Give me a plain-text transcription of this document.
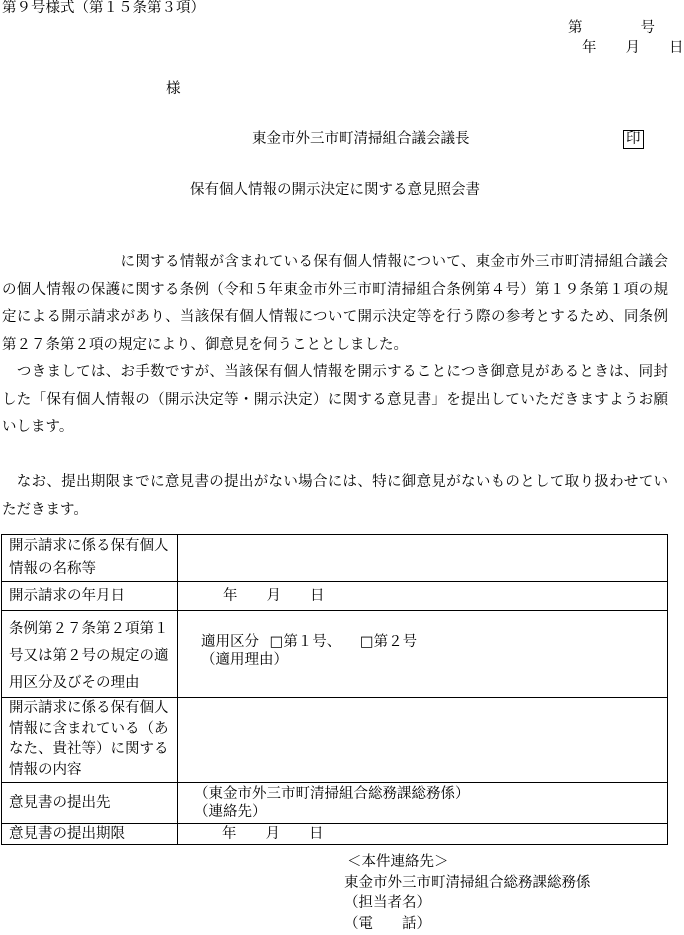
第９号様式（第１５条第３項）
第　　　　号
年　　月　　日
様
東金市外三市町清掃組合議会議長	印
保有個人情報の開示決定に関する意見照会書
　　　　　　　　に関する情報が含まれている保有個人情報について、東金市外三市町清掃組合議会の個人情報の保護に関する条例（令和５年東金市外三市町清掃組合条例第４号）第１９条第１項の規定による開示請求があり、当該保有個人情報について開示決定等を行う際の参考とするため、同条例第２７条第２項の規定により、御意見を伺うこととしました。
　つきましては、お手数ですが、当該保有個人情報を開示することにつき御意見があるときは、同封した「保有個人情報の（開示決定等・開示決定）に関する意見書」を提出していただきますようお願いします。
　なお、提出期限までに意見書の提出がない場合には、特に御意見がないものとして取り扱わせていただきます。
開示請求に係る保有個人情報の名称等	
開示請求の年月日	年　　月　　日
条例第２７条第２項第１号又は第２号の規定の適用区分及びその理由	適用区分 □第１号、 □第２号
（適用理由）

開示請求に係る保有個人情報に含まれている（あなた、貴社等）に関する情報の内容	
意見書の提出先	（東金市外三市町清掃組合総務課総務係）
（連絡先）

意見書の提出期限	年　　月　　日
＜本件連絡先＞
東金市外三市町清掃組合総務課総務係
（担当者名）
（電　　話）
